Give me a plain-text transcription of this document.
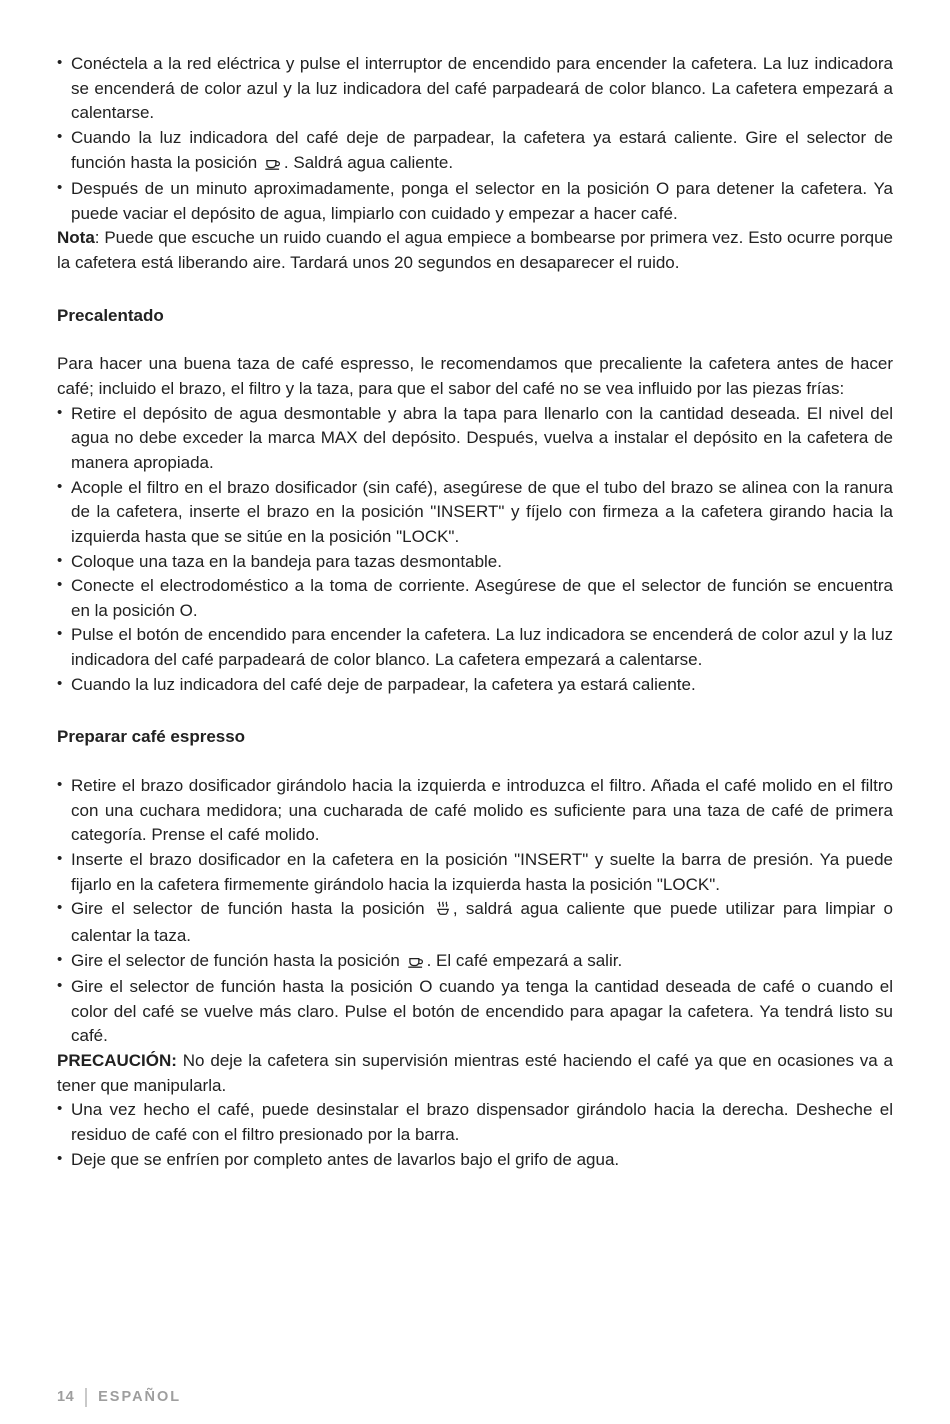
• Conéctela a la red eléctrica y pulse el interruptor de encendido para encender la cafetera. La luz indicadora se encenderá de color azul y la luz indicadora del café parpadeará de color blanco. La cafetera empezará a calentarse.
• Cuando la luz indicadora del café deje de parpadear, la cafetera ya estará caliente. Gire el selector de función hasta la posición . Saldrá agua caliente.
• Después de un minuto aproximadamente, ponga el selector en la posición O para detener la cafetera. Ya puede vaciar el depósito de agua, limpiarlo con cuidado y empezar a hacer café.

Nota: Puede que escuche un ruido cuando el agua empiece a bombearse por primera vez. Esto ocurre porque la cafetera está liberando aire. Tardará unos 20 segundos en desaparecer el ruido.

Precalentado

Para hacer una buena taza de café espresso, le recomendamos que precaliente la cafetera antes de hacer café; incluido el brazo, el filtro y la taza, para que el sabor del café no se vea influido por las piezas frías:

• Retire el depósito de agua desmontable y abra la tapa para llenarlo con la cantidad deseada. El nivel del agua no debe exceder la marca MAX del depósito. Después, vuelva a instalar el depósito en la cafetera de manera apropiada.
• Acople el filtro en el brazo dosificador (sin café), asegúrese de que el tubo del brazo se alinea con la ranura de la cafetera, inserte el brazo en la posición "INSERT" y fíjelo con firmeza a la cafetera girando hacia la izquierda hasta que se sitúe en la posición "LOCK".
• Coloque una taza en la bandeja para tazas desmontable.
• Conecte el electrodoméstico a la toma de corriente. Asegúrese de que el selector de función se encuentra en la posición O.
• Pulse el botón de encendido para encender la cafetera. La luz indicadora se encenderá de color azul y la luz indicadora del café parpadeará de color blanco. La cafetera empezará a calentarse.
• Cuando la luz indicadora del café deje de parpadear, la cafetera ya estará caliente.
Preparar café espresso
• Retire el brazo dosificador girándolo hacia la izquierda e introduzca el filtro. Añada el café molido en el filtro con una cuchara medidora; una cucharada de café molido es suficiente para una taza de café de primera categoría. Prense el café molido.
• Inserte el brazo dosificador en la cafetera en la posición "INSERT" y suelte la barra de presión. Ya puede fijarlo en la cafetera firmemente girándolo hacia la izquierda hasta la posición "LOCK".
• Gire el selector de función hasta la posición , saldrá agua caliente que puede utilizar para limpiar o calentar la taza.
• Gire el selector de función hasta la posición . El café empezará a salir.
• Gire el selector de función hasta la posición O cuando ya tenga la cantidad deseada de café o cuando el color del café se vuelve más claro. Pulse el botón de encendido para apagar la cafetera. Ya tendrá listo su café.

PRECAUCIÓN: No deje la cafetera sin supervisión mientras esté haciendo el café ya que en ocasiones va a tener que manipularla.

• Una vez hecho el café, puede desinstalar el brazo dispensador girándolo hacia la derecha. Desheche el residuo de café con el filtro presionado por la barra.
• Deje que se enfríen por completo antes de lavarlos bajo el grifo de agua.
14 ESPAÑOL
